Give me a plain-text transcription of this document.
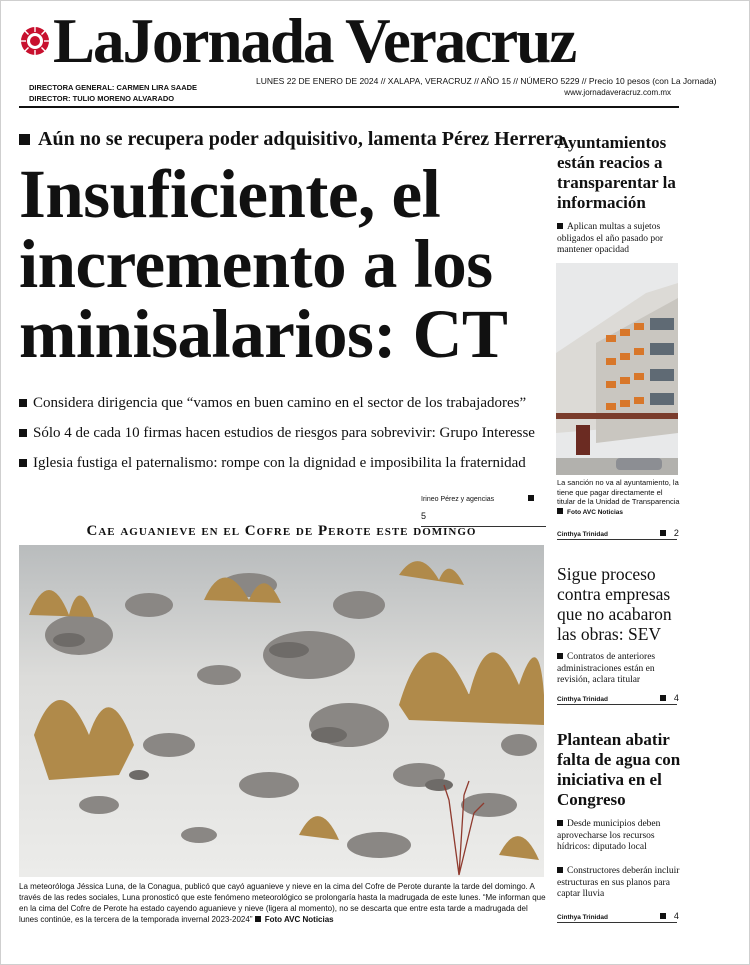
LaJornada Veracruz
DIRECTORA GENERAL: CARMEN LIRA SAADE
DIRECTOR: TULIO MORENO ALVARADO
LUNES 22 DE ENERO DE 2024 // XALAPA, VERACRUZ // AÑO 15 // NÚMERO 5229 // Precio 10 pesos (con La Jornada)
www.jornadaveracruz.com.mx
Aún no se recupera poder adquisitivo, lamenta Pérez Herrera
Insuficiente, el incremento a los minisalarios: CT
Considera dirigencia que “vamos en buen camino en el sector de los trabajadores”
Sólo 4 de cada 10 firmas hacen estudios de riesgos para sobrevivir: Grupo Interesse
Iglesia fustiga el paternalismo: rompe con la dignidad e imposibilita la fraternidad
Irineo Pérez y agencias5
Cae aguanieve en el Cofre de Perote este domingo
La meteoróloga Jéssica Luna, de la Conagua, publicó que cayó aguanieve y nieve en la cima del Cofre de Perote durante la tarde del domingo. A través de las redes sociales, Luna pronosticó que este fenómeno meteorológico se prolongaría hasta la madrugada de este lunes. “Me informan que en la cima del Cofre de Perote ha estado cayendo aguanieve y nieve (ligera al momento), no se descarta que entre esta tarde a madrugada del lunes continúe, es la tercera de la temporada invernal 2023-2024” Foto AVC Noticias
Ayuntamientos están reacios a transparentar la información
Aplican multas a sujetos obligados el año pasado por mantener opacidad
La sanción no va al ayuntamiento, la tiene que pagar directamente el titular de la Unidad de Transparencia
Foto AVC Noticias
Cinthya Trinidad	2
Sigue proceso contra empresas que no acabaron las obras: SEV
Contratos de anteriores administraciones están en revisión, aclara titular
Cinthya Trinidad	4
Plantean abatir falta de agua con iniciativa en el Congreso
Desde municipios deben aprovecharse los recursos hídricos: diputado local
Constructores deberán incluir estructuras en sus planos para captar lluvia
Cinthya Trinidad	4
